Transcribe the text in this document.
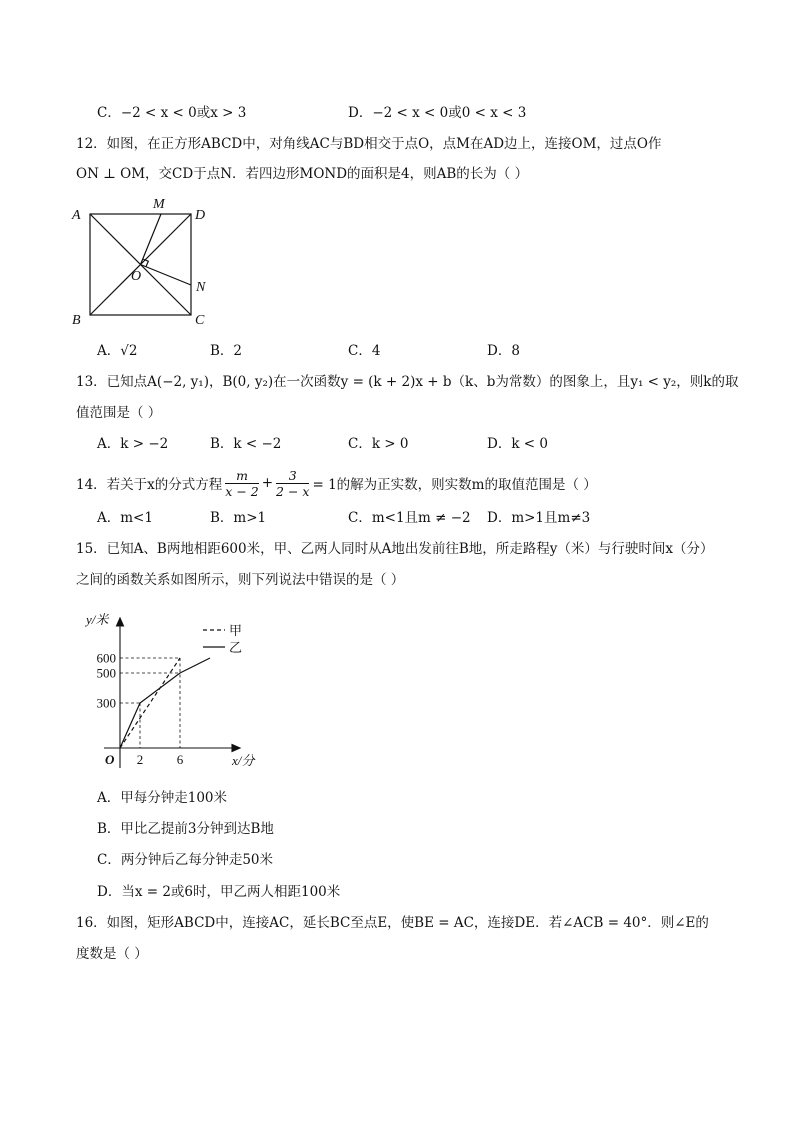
C．−2 < x < 0或x > 3	D．−2 < x < 0或0 < x < 3
12．如图，在正方形ABCD中，对角线AC与BD相交于点O，点M在AD边上，连接OM，过点O作
ON ⊥ OM，交CD于点N．若四边形MOND的面积是4，则AB的长为（ ）
A	D
M
O
N
B	C
A．√2	B．2	C．4	D．8
13．已知点A(−2, y₁)，B(0, y₂)在一次函数y = (k + 2)x + b（k、b为常数）的图象上，且y₁ < y₂，则k的取
值范围是（ ）
A．k > −2	B．k < −2	C．k > 0	D．k < 0
14．若关于x的分式方程
m
x − 2 + 3
2 − x = 1的解为正实数，则实数m的取值范围是（ ）
A．m<1	B．m>1	C．m<1且m ≠ −2 D．m>1且m≠3
15．已知A、B两地相距600米，甲、乙两人同时从A地出发前往B地，所走路程y（米）与行驶时间x（分）
之间的函数关系如图所示，则下列说法中错误的是（ ）
甲
乙
300
500
600
2	6
O
y/米
x/分
A．甲每分钟走100米
B．甲比乙提前3分钟到达B地
C．两分钟后乙每分钟走50米
D．当x = 2或6时，甲乙两人相距100米
16．如图，矩形ABCD中，连接AC，延长BC至点E，使BE = AC，连接DE．若∠ACB = 40°．则∠E的
度数是（ ）
